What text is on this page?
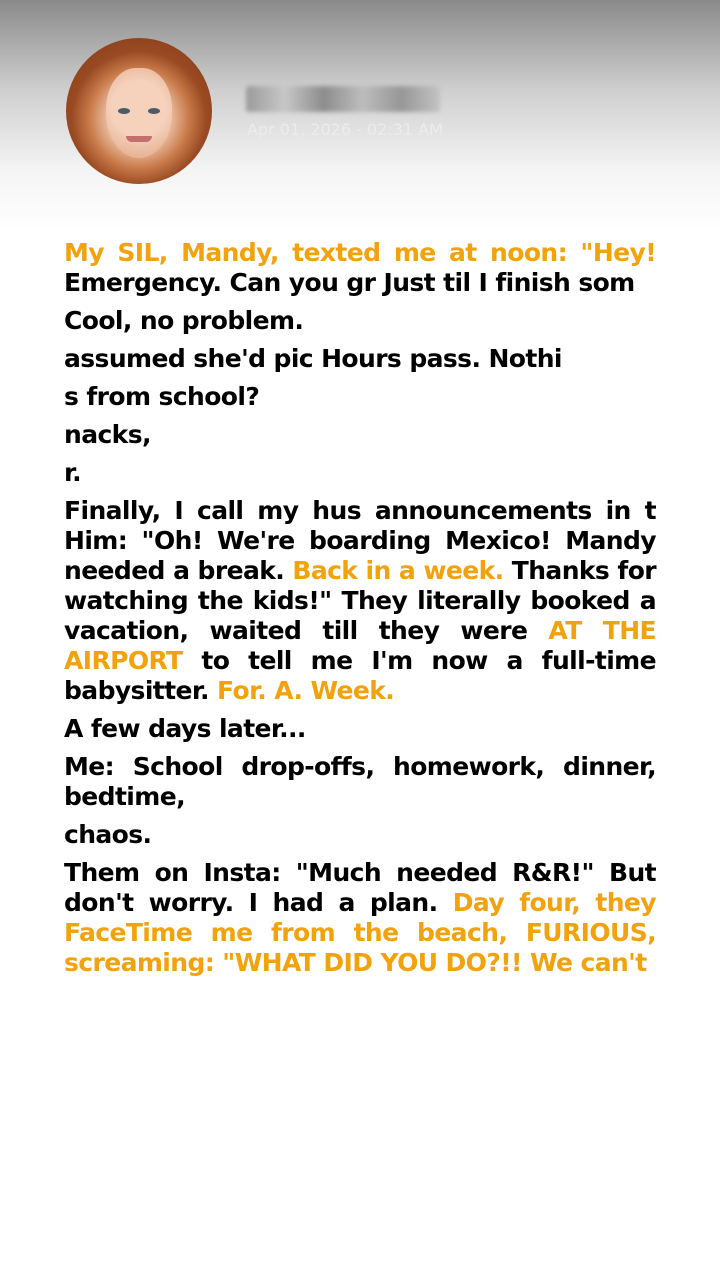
Apr 01, 2026 - 02:31 AM

My SIL, Mandy, texted me at noon: "Hey! Emergency. Can you gr Just til I finish som

Cool, no problem.

assumed she'd pic Hours pass. Nothi

s from school?

nacks,

r.

Finally, I call my hus announcements in t Him: "Oh! We're boarding Mexico! Mandy needed a break. Back in a week. Thanks for watching the kids!" They literally booked a vacation, waited till they were AT THE AIRPORT to tell me I'm now a full-time babysitter. For. A. Week.

A few days later...

Me: School drop-offs, homework, dinner, bedtime,

chaos.

Them on Insta: "Much needed R&R!" But don't worry. I had a plan. Day four, they FaceTime me from the beach, FURIOUS, screaming: "WHAT DID YOU DO?!! We can't
